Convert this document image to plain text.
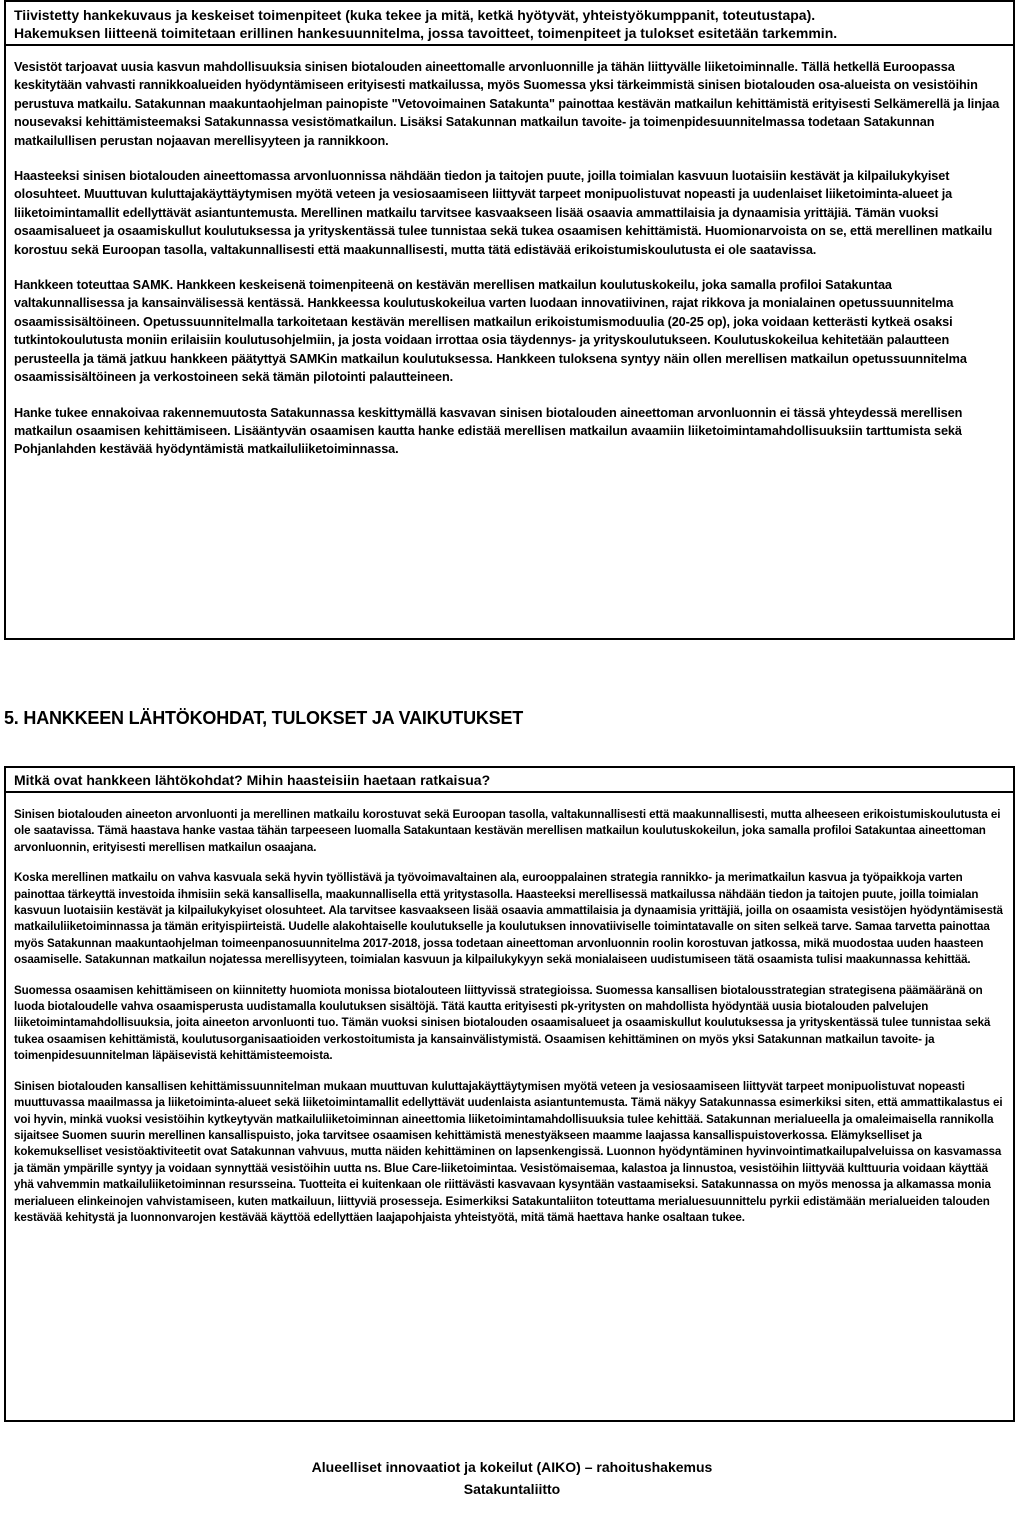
Tiivistetty hankekuvaus ja keskeiset toimenpiteet (kuka tekee ja mitä, ketkä hyötyvät, yhteistyökumppanit, toteutustapa).
Hakemuksen liitteenä toimitetaan erillinen hankesuunnitelma, jossa tavoitteet, toimenpiteet ja tulokset esitetään tarkemmin.

Vesistöt tarjoavat uusia kasvun mahdollisuuksia sinisen biotalouden aineettomalle arvonluonnille ja tähän liittyvälle liiketoiminnalle. Tällä hetkellä Euroopassa keskitytään vahvasti rannikkoalueiden hyödyntämiseen erityisesti matkailussa, myös Suomessa yksi tärkeimmistä sinisen biotalouden osa-alueista on vesistöihin perustuva matkailu. Satakunnan maakuntaohjelman painopiste "Vetovoimainen Satakunta" painottaa kestävän matkailun kehittämistä erityisesti Selkämerellä ja linjaa nousevaksi kehittämisteemaksi Satakunnassa vesistömatkailun. Lisäksi Satakunnan matkailun tavoite- ja toimenpidesuunnitelmassa todetaan Satakunnan matkailullisen perustan nojaavan merellisyyteen ja rannikkoon.

Haasteeksi sinisen biotalouden aineettomassa arvonluonnissa nähdään tiedon ja taitojen puute, joilla toimialan kasvuun luotaisiin kestävät ja kilpailukykyiset olosuhteet. Muuttuvan kuluttajakäyttäytymisen myötä veteen ja vesiosaamiseen liittyvät tarpeet monipuolistuvat nopeasti ja uudenlaiset liiketoiminta-alueet ja liiketoimintamallit edellyttävät asiantuntemusta. Merellinen matkailu tarvitsee kasvaakseen lisää osaavia ammattilaisia ja dynaamisia yrittäjiä. Tämän vuoksi osaamisalueet ja osaamiskullut koulutuksessa ja yrityskentässä tulee tunnistaa sekä tukea osaamisen kehittämistä. Huomionarvoista on se, että merellinen matkailu korostuu sekä Euroopan tasolla, valtakunnallisesti että maakunnallisesti, mutta tätä edistävää erikoistumiskoulutusta ei ole saatavissa.

Hankkeen toteuttaa SAMK. Hankkeen keskeisenä toimenpiteenä on kestävän merellisen matkailun koulutuskokeilu, joka samalla profiloi Satakuntaa valtakunnallisessa ja kansainvälisessä kentässä. Hankkeessa koulutuskokeilua varten luodaan innovatiivinen, rajat rikkova ja monialainen opetussuunnitelma osaamissisältöineen. Opetussuunnitelmalla tarkoitetaan kestävän merellisen matkailun erikoistumismoduulia (20-25 op), joka voidaan ketterästi kytkeä osaksi tutkintokoulutusta moniin erilaisiin koulutusohjelmiin, ja josta voidaan irrottaa osia täydennys- ja yrityskoulutukseen. Koulutuskokeilua kehitetään palautteen perusteella ja tämä jatkuu hankkeen päätyttyä SAMKin matkailun koulutuksessa. Hankkeen tuloksena syntyy näin ollen merellisen matkailun opetussuunnitelma osaamissisältöineen ja verkostoineen sekä tämän pilotointi palautteineen.

Hanke tukee ennakoivaa rakennemuutosta Satakunnassa keskittymällä kasvavan sinisen biotalouden aineettoman arvonluonnin ei tässä yhteydessä merellisen matkailun osaamisen kehittämiseen. Lisääntyvän osaamisen kautta hanke edistää merellisen matkailun avaamiin liiketoimintamahdollisuuksiin tarttumista sekä Pohjanlahden kestävää hyödyntämistä matkailuliiketoiminnassa.

5. HANKKEEN LÄHTÖKOHDAT, TULOKSET JA VAIKUTUKSET
Mitkä ovat hankkeen lähtökohdat? Mihin haasteisiin haetaan ratkaisua?

Sinisen biotalouden aineeton arvonluonti ja merellinen matkailu korostuvat sekä Euroopan tasolla, valtakunnallisesti että maakunnallisesti, mutta alheeseen erikoistumiskoulutusta ei ole saatavissa. Tämä haastava hanke vastaa tähän tarpeeseen luomalla Satakuntaan kestävän merellisen matkailun koulutuskokeilun, joka samalla profiloi Satakuntaa aineettoman arvonluonnin, erityisesti merellisen matkailun osaajana.

Koska merellinen matkailu on vahva kasvuala sekä hyvin työllistävä ja työvoimavaltainen ala, eurooppalainen strategia rannikko- ja merimatkailun kasvua ja työpaikkoja varten painottaa tärkeyttä investoida ihmisiin sekä kansallisella, maakunnallisella että yritystasolla. Haasteeksi merellisessä matkailussa nähdään tiedon ja taitojen puute, joilla toimialan kasvuun luotaisiin kestävät ja kilpailukykyiset olosuhteet. Ala tarvitsee kasvaakseen lisää osaavia ammattilaisia ja dynaamisia yrittäjiä, joilla on osaamista vesistöjen hyödyntämisestä matkailuliiketoiminnassa ja tämän erityispiirteistä. Uudelle alakohtaiselle koulutukselle ja koulutuksen innovatiiviselle toimintatavalle on siten selkeä tarve. Samaa tarvetta painottaa myös Satakunnan maakuntaohjelman toimeenpanosuunnitelma 2017-2018, jossa todetaan aineettoman arvonluonnin roolin korostuvan jatkossa, mikä muodostaa uuden haasteen osaamiselle. Satakunnan matkailun nojatessa merellisyyteen, toimialan kasvuun ja kilpailukykyyn sekä monialaiseen uudistumiseen tätä osaamista tulisi maakunnassa kehittää.

Suomessa osaamisen kehittämiseen on kiinnitetty huomiota monissa biotalouteen liittyvissä strategioissa. Suomessa kansallisen biotalousstrategian strategisena päämääränä on luoda biotaloudelle vahva osaamisperusta uudistamalla koulutuksen sisältöjä. Tätä kautta erityisesti pk-yritysten on mahdollista hyödyntää uusia biotalouden palvelujen liiketoimintamahdollisuuksia, joita aineeton arvonluonti tuo. Tämän vuoksi sinisen biotalouden osaamisalueet ja osaamiskullut koulutuksessa ja yrityskentässä tulee tunnistaa sekä tukea osaamisen kehittämistä, koulutusorganisaatioiden verkostoitumista ja kansainvälistymistä. Osaamisen kehittäminen on myös yksi Satakunnan matkailun tavoite- ja toimenpidesuunnitelman läpäisevistä kehittämisteemoista.

Sinisen biotalouden kansallisen kehittämissuunnitelman mukaan muuttuvan kuluttajakäyttäytymisen myötä veteen ja vesiosaamiseen liittyvät tarpeet monipuolistuvat nopeasti muuttuvassa maailmassa ja liiketoiminta-alueet sekä liiketoimintamallit edellyttävät uudenlaista asiantuntemusta. Tämä näkyy Satakunnassa esimerkiksi siten, että ammattikalastus ei voi hyvin, minkä vuoksi vesistöihin kytkeytyvän matkailuliiketoiminnan aineettomia liiketoimintamahdollisuuksia tulee kehittää. Satakunnan merialueella ja omaleimaisella rannikolla sijaitsee Suomen suurin merellinen kansallispuisto, joka tarvitsee osaamisen kehittämistä menestyäkseen maamme laajassa kansallispuistoverkossa. Elämykselliset ja kokemukselliset vesistöaktiviteetit ovat Satakunnan vahvuus, mutta näiden kehittäminen on lapsenkengissä. Luonnon hyödyntäminen hyvinvointimatkailupalveluissa on kasvamassa ja tämän ympärille syntyy ja voidaan synnyttää vesistöihin uutta ns. Blue Care-liiketoimintaa. Vesistömaisemaa, kalastoa ja linnustoa, vesistöihin liittyvää kulttuuria voidaan käyttää yhä vahvemmin matkailuliiketoiminnan resursseina. Tuotteita ei kuitenkaan ole riittävästi kasvavaan kysyntään vastaamiseksi. Satakunnassa on myös menossa ja alkamassa monia merialueen elinkeinojen vahvistamiseen, kuten matkailuun, liittyviä prosesseja. Esimerkiksi Satakuntaliiton toteuttama merialuesuunnittelu pyrkii edistämään merialueiden talouden kestävää kehitystä ja luonnonvarojen kestävää käyttöä edellyttäen laajapohjaista yhteistyötä, mitä tämä haettava hanke osaltaan tukee.

Alueelliset innovaatiot ja kokeilut (AIKO) – rahoitushakemus
Satakuntaliitto
